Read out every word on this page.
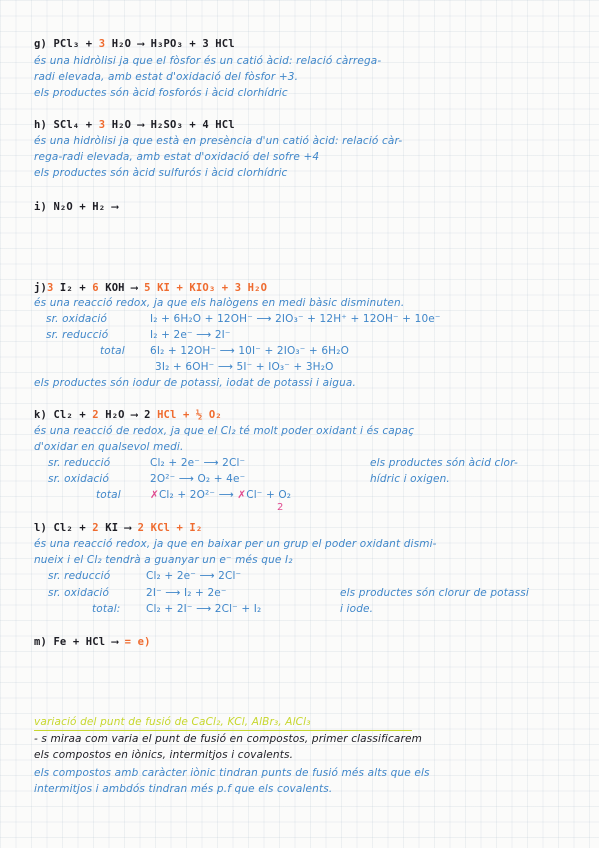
g) PCl₃ + 3 H₂O ⟶ H₃PO₃ + 3 HCl
és una hidròlisi ja que el fòsfor és un catió àcid: relació càrrega-
radi elevada, amb estat d'oxidació del fòsfor +3.
els productes són àcid fosforós i àcid clorhídric
h) SCl₄ + 3 H₂O ⟶ H₂SO₃ + 4 HCl
és una hidròlisi ja que està en presència d'un catió àcid: relació càr-
rega-radi elevada, amb estat d'oxidació del sofre +4
els productes són àcid sulfurós i àcid clorhídric
i) N₂O + H₂ ⟶
j)3 I₂ + 6 KOH ⟶ 5 KI + KIO₃ + 3 H₂O
és una reacció redox, ja que els halògens en medi bàsic disminuten.
sr. oxidació	I₂ + 6H₂O + 12OH⁻ ⟶ 2IO₃⁻ + 12H⁺ + 12OH⁻ + 10e⁻
sr. reducció	I₂ + 2e⁻ ⟶ 2I⁻
total 6I₂ + 12OH⁻ ⟶ 10I⁻ + 2IO₃⁻ + 6H₂O
3I₂ + 6OH⁻ ⟶ 5I⁻ + IO₃⁻ + 3H₂O
els productes són iodur de potassi, iodat de potassi i aigua.
k) Cl₂ + 2 H₂O ⟶ 2 HCl + ½ O₂
és una reacció de redox, ja que el Cl₂ té molt poder oxidant i és capaç
d'oxidar en qualsevol medi.
sr. reducció	Cl₂ + 2e⁻ ⟶ 2Cl⁻	els productes són àcid clor-
sr. oxidació	2O²⁻ ⟶ O₂ + 4e⁻	hídric i oxigen.
total	✗Cl₂ + 2O²⁻ ⟶ ✗Cl⁻ + O₂
2
l) Cl₂ + 2 KI ⟶ 2 KCl + I₂
és una reacció redox, ja que en baixar per un grup el poder oxidant dismi-
nueix i el Cl₂ tendrà a guanyar un e⁻ més que I₂
sr. reducció	Cl₂ + 2e⁻ ⟶ 2Cl⁻
sr. oxidació	2I⁻ ⟶ I₂ + 2e⁻	els productes són clorur de potassi
total: Cl₂ + 2I⁻ ⟶ 2Cl⁻ + I₂	i iode.
m) Fe + HCl ⟶ = e)
variació del punt de fusió de CaCl₂, KCl, AlBr₃, AlCl₃
- s miraa com varia el punt de fusió en compostos, primer classificarem
els compostos en iònics, intermitjos i covalents.
els compostos amb caràcter iònic tindran punts de fusió més alts que els
intermitjos i ambdós tindran més p.f que els covalents.
